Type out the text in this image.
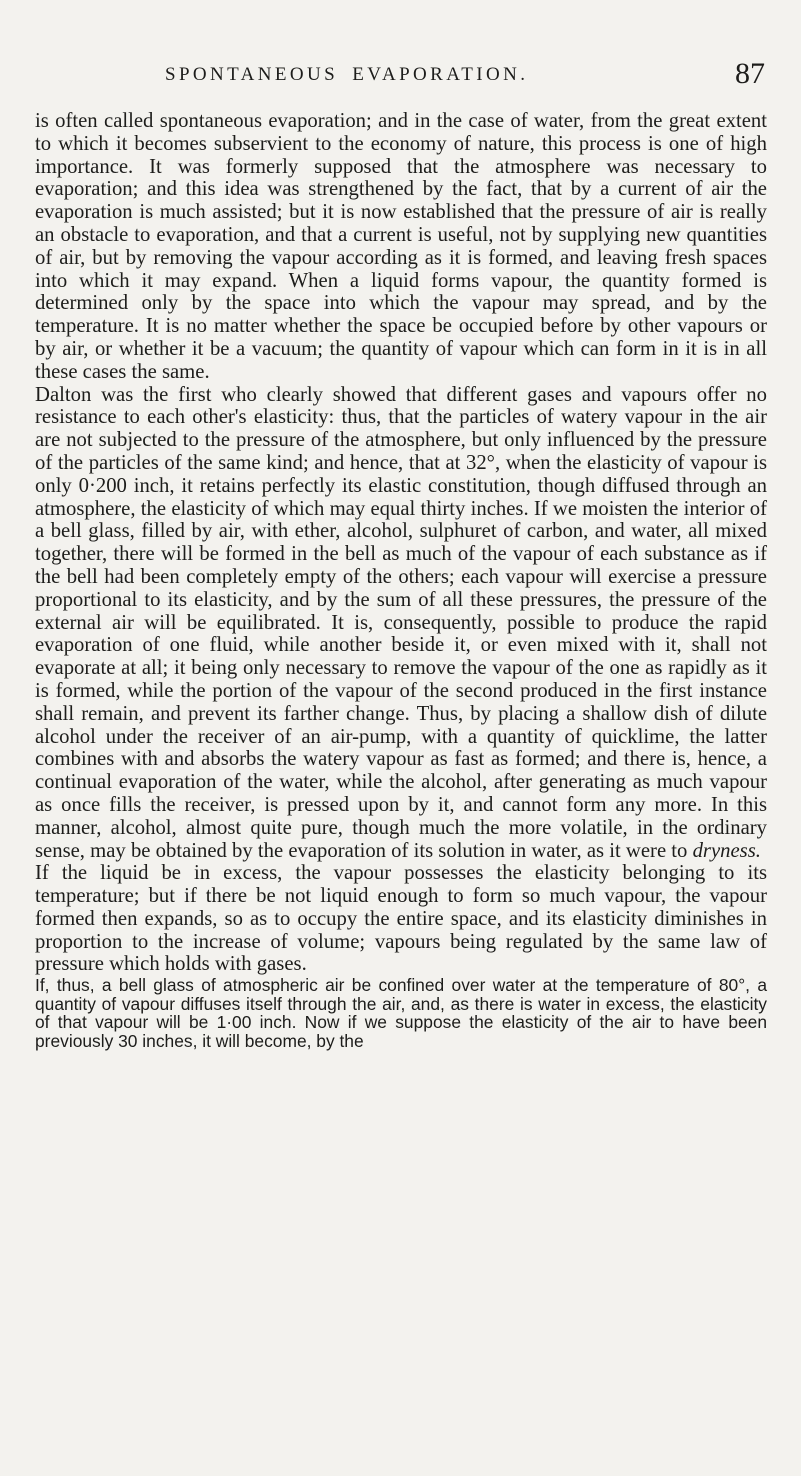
SPONTANEOUS EVAPORATION.	87

is often called spontaneous evaporation; and in the case of water, from the great extent to which it becomes subservient to the economy of nature, this process is one of high importance. It was formerly supposed that the atmosphere was necessary to evaporation; and this idea was strengthened by the fact, that by a current of air the evaporation is much assisted; but it is now established that the pressure of air is really an obstacle to evaporation, and that a current is useful, not by supplying new quantities of air, but by removing the vapour according as it is formed, and leaving fresh spaces into which it may expand. When a liquid forms vapour, the quantity formed is determined only by the space into which the vapour may spread, and by the temperature. It is no matter whether the space be occupied before by other vapours or by air, or whether it be a vacuum; the quantity of vapour which can form in it is in all these cases the same.

Dalton was the first who clearly showed that different gases and vapours offer no resistance to each other's elasticity: thus, that the particles of watery vapour in the air are not subjected to the pressure of the atmosphere, but only influenced by the pressure of the particles of the same kind; and hence, that at 32°, when the elasticity of vapour is only 0·200 inch, it retains perfectly its elastic constitution, though diffused through an atmosphere, the elasticity of which may equal thirty inches. If we moisten the interior of a bell glass, filled by air, with ether, alcohol, sulphuret of carbon, and water, all mixed together, there will be formed in the bell as much of the vapour of each substance as if the bell had been completely empty of the others; each vapour will exercise a pressure proportional to its elasticity, and by the sum of all these pressures, the pressure of the external air will be equilibrated. It is, consequently, possible to produce the rapid evaporation of one fluid, while another beside it, or even mixed with it, shall not evaporate at all; it being only necessary to remove the vapour of the one as rapidly as it is formed, while the portion of the vapour of the second produced in the first instance shall remain, and prevent its farther change. Thus, by placing a shallow dish of dilute alcohol under the receiver of an air-pump, with a quantity of quicklime, the latter combines with and absorbs the watery vapour as fast as formed; and there is, hence, a continual evaporation of the water, while the alcohol, after generating as much vapour as once fills the receiver, is pressed upon by it, and cannot form any more. In this manner, alcohol, almost quite pure, though much the more volatile, in the ordinary sense, may be obtained by the evaporation of its solution in water, as it were to dryness.

If the liquid be in excess, the vapour possesses the elasticity belonging to its temperature; but if there be not liquid enough to form so much vapour, the vapour formed then expands, so as to occupy the entire space, and its elasticity diminishes in proportion to the increase of volume; vapours being regulated by the same law of pressure which holds with gases.

If, thus, a bell glass of atmospheric air be confined over water at the temperature of 80°, a quantity of vapour diffuses itself through the air, and, as there is water in excess, the elasticity of that vapour will be 1·00 inch. Now if we suppose the elasticity of the air to have been previously 30 inches, it will become, by the
